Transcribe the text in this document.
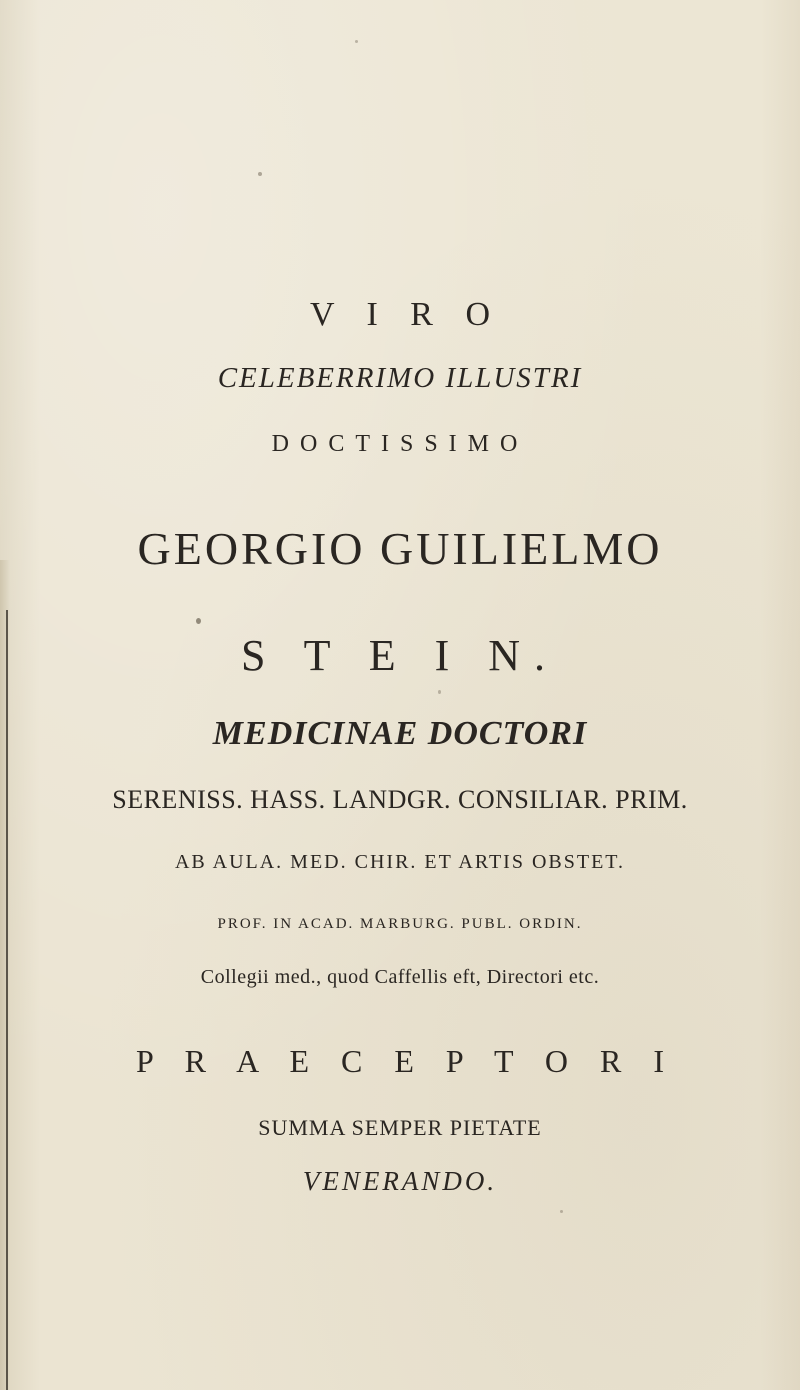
V I R O
CELEBERRIMO ILLUSTRI
DOCTISSIMO
GEORGIO GUILIELMO
S T E I N.
MEDICINAE DOCTORI
SERENISS. HASS. LANDGR. CONSILIAR. PRIM.
AB AULA. MED. CHIR. ET ARTIS OBSTET.
PROF. IN ACAD. MARBURG. PUBL. ORDIN.
Collegii med., quod Caffellis eft, Directori etc.
P R A E C E P T O R I
SUMMA SEMPER PIETATE
VENERANDO.
